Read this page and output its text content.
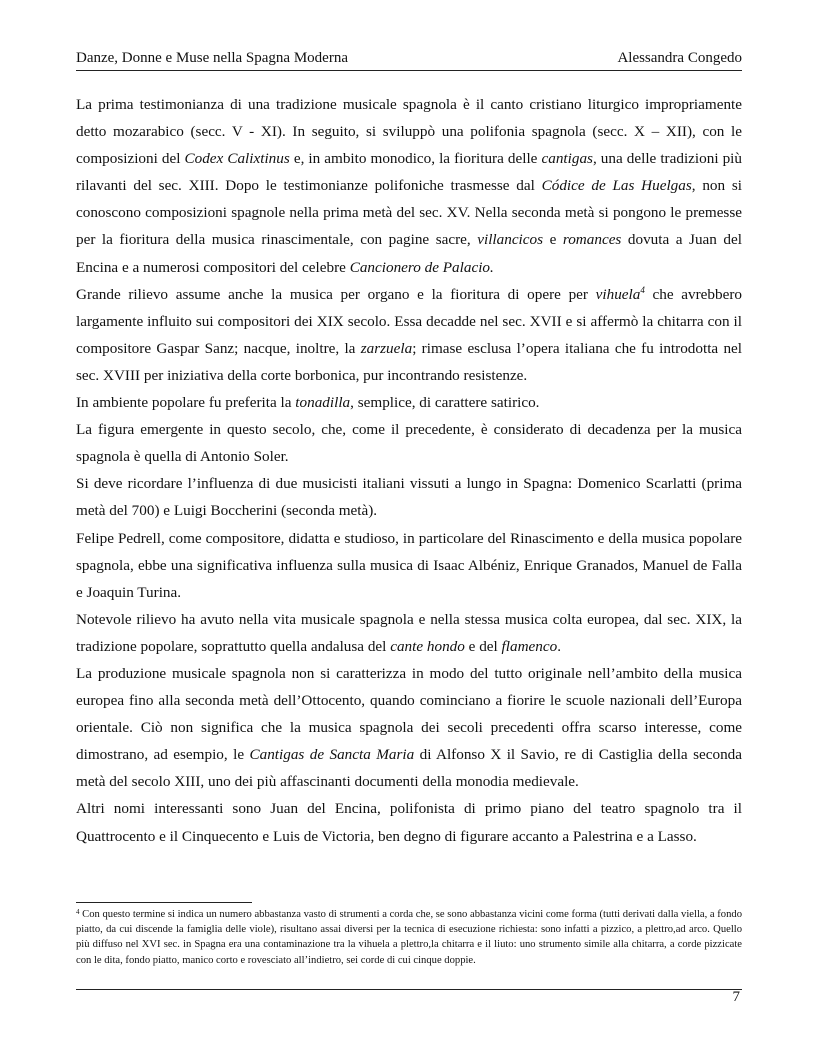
Danze, Donne e Muse nella Spagna Moderna	Alessandra Congedo

La prima testimonianza di una tradizione musicale spagnola è il canto cristiano liturgico impropriamente detto mozarabico (secc. V - XI). In seguito, si sviluppò una polifonia spagnola (secc. X – XII), con le composizioni del Codex Calixtinus e, in ambito monodico, la fioritura delle cantigas, una delle tradizioni più rilavanti del sec. XIII. Dopo le testimonianze polifoniche trasmesse dal Códice de Las Huelgas, non si conoscono composizioni spagnole nella prima metà del sec. XV. Nella seconda metà si pongono le premesse per la fioritura della musica rinascimentale, con pagine sacre, villancicos e romances dovuta a Juan del Encina e a numerosi compositori del celebre Cancionero de Palacio.

Grande rilievo assume anche la musica per organo e la fioritura di opere per vihuela$^4$ che avrebbero largamente influito sui compositori dei XIX secolo. Essa decadde nel sec. XVII e si affermò la chitarra con il compositore Gaspar Sanz; nacque, inoltre, la zarzuela; rimase esclusa l’opera italiana che fu introdotta nel sec. XVIII per iniziativa della corte borbonica, pur incontrando resistenze.

In ambiente popolare fu preferita la tonadilla, semplice, di carattere satirico.

La figura emergente in questo secolo, che, come il precedente, è considerato di decadenza per la musica spagnola è quella di Antonio Soler.

Si deve ricordare l’influenza di due musicisti italiani vissuti a lungo in Spagna: Domenico Scarlatti (prima metà del 700) e Luigi Boccherini (seconda metà).

Felipe Pedrell, come compositore, didatta e studioso, in particolare del Rinascimento e della musica popolare spagnola, ebbe una significativa influenza sulla musica di Isaac Albéniz, Enrique Granados, Manuel de Falla e Joaquin Turina.

Notevole rilievo ha avuto nella vita musicale spagnola e nella stessa musica colta europea, dal sec. XIX, la tradizione popolare, soprattutto quella andalusa del cante hondo e del flamenco.

La produzione musicale spagnola non si caratterizza in modo del tutto originale nell’ambito della musica europea fino alla seconda metà dell’Ottocento, quando cominciano a fiorire le scuole nazionali dell’Europa orientale. Ciò non significa che la musica spagnola dei secoli precedenti offra scarso interesse, come dimostrano, ad esempio, le Cantigas de Sancta Maria di Alfonso X il Savio, re di Castiglia della seconda metà del secolo XIII, uno dei più affascinanti documenti della monodia medievale.

Altri nomi interessanti sono Juan del Encina, polifonista di primo piano del teatro spagnolo tra il Quattrocento e il Cinquecento e Luis de Victoria, ben degno di figurare accanto a Palestrina e a Lasso.

$^4$ Con questo termine si indica un numero abbastanza vasto di strumenti a corda che, se sono abbastanza vicini come forma (tutti derivati dalla viella, a fondo piatto, da cui discende la famiglia delle viole), risultano assai diversi per la tecnica di esecuzione richiesta: sono infatti a pizzico, a plettro,ad arco. Quello più diffuso nel XVI sec. in Spagna era una contaminazione tra la vihuela a plettro,la chitarra e il liuto: uno strumento simile alla chitarra, a corde pizzicate con le dita, fondo piatto, manico corto e rovesciato all’indietro, sei corde di cui cinque doppie.

7
